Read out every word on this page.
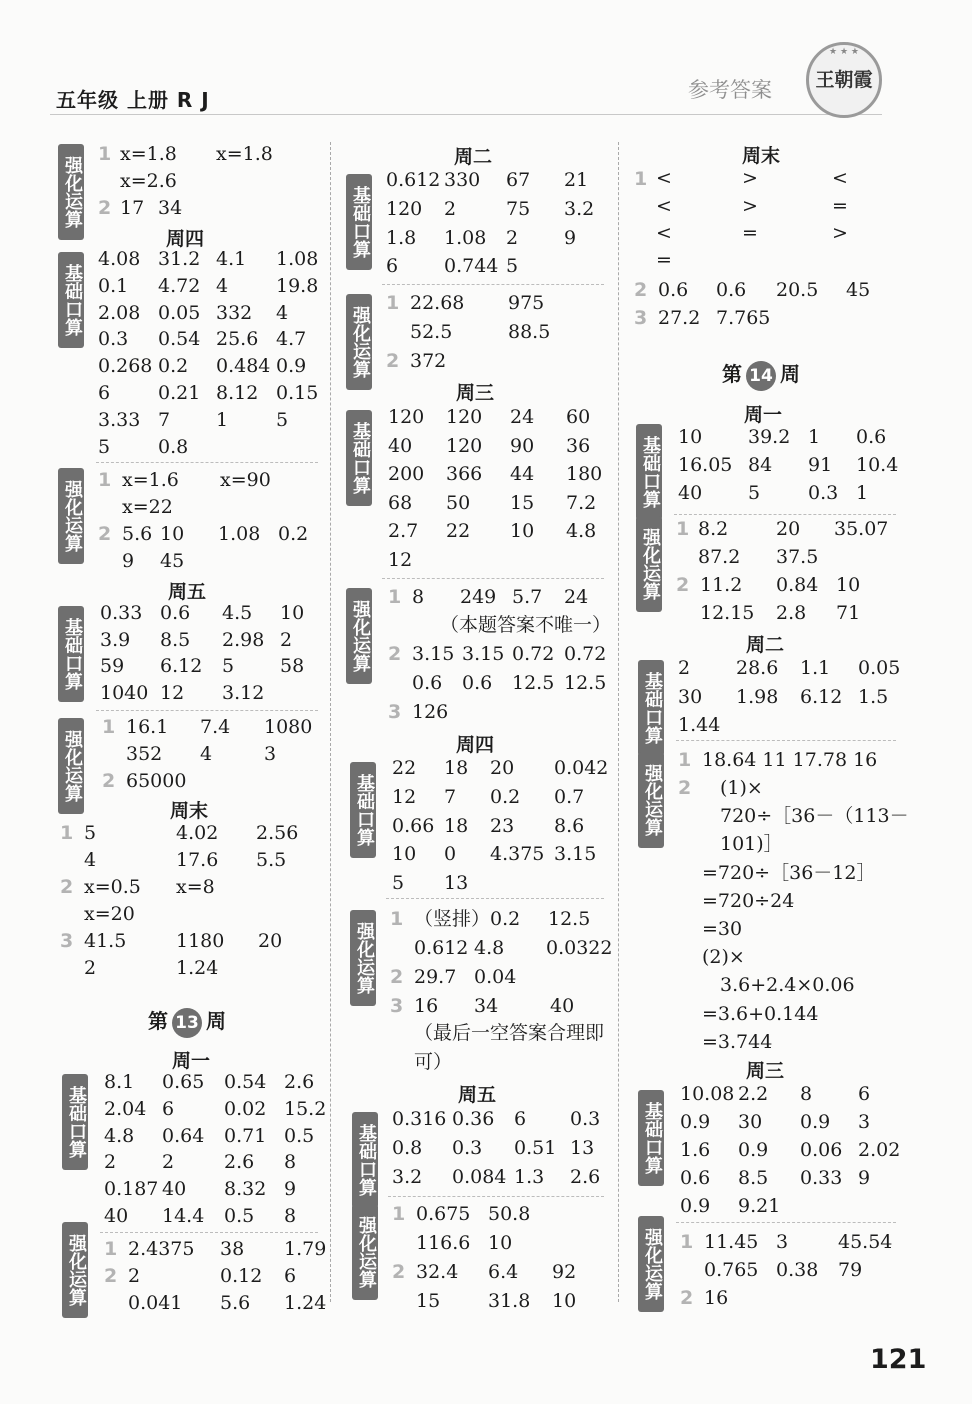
五年级 上册 R J	参考答案
★ ★ ★
王朝霞
强化运算
1 x=1.8 x=1.8
x=2.6
2 17 34
周四
基础口算
4.08 31.2 4.1 1.08
0.1 4.72 4	19.8
2.08 0.05 332 4
0.3 0.54 25.6 4.7
0.268 0.2 0.484 0.9
6	0.21 8.12 0.15
3.33 7 1	5
5	0.8
强化运算 1 x=1.6 x=90
x=22
2 5.6 10 1.08 0.2
9 45
周五
基础口算
0.33 0.6 4.5 10
3.9 8.5 2.98 2
59 6.12 5 58
1040 12 3.12
强化运算
1 16.1 7.4 1080
352 4	3
2 65000
周末
1 5	4.02 2.56
4	17.6 5.5
2 x=0.5 x=8
x=20
3 41.5	1180 20
2	1.24
第 13 周
周一
基础口算
8.1 0.65 0.54 2.6
2.04 6	0.02 15.2
4.8 0.64 0.71 0.5
2 2	2.6 8
0.187 40 8.32 9
40 14.4 0.5 8
强化运算 1 2.4375 38 1.79
2 2	0.12 6
0.041 5.6 1.24
周二
基础口算
0.612 330 67 21
120 2	75 3.2
1.8 1.08 2 9
6 0.744 5
强化运算
1 22.68 975
52.5	88.5
2 372
周三
基础口算
120 120 24 60
40 120 90 36
200 366 44 180
68 50 15 7.2
2.7 22 10 4.8
12
强化运算
1 8 249 5.7 24
（本题答案不唯一）
2 3.15 3.15 0.72 0.72
0.6 0.6 12.5 12.5
3 126
周四
基础口算
22 18 20 0.042
12 7 0.2 0.7
0.66 18 23 8.6
10 0 4.375 3.15
5 13
强化运算
1 （竖排）0.2 12.5
0.612 4.8 0.0322
2 29.7 0.04
3 16 34	40
（最后一空答案合理即
可）
周五
基础口算
0.316 0.36 6 0.3
0.8 0.3 0.51 13
3.2 0.084 1.3 2.6
强化运算
1 0.675 50.8
116.6 10
2 32.4 6.4 92
15	31.8 10
周末
1 <	>	<
<	>	=
<	=	>
=
2 0.6 0.6 20.5 45
3 27.2 7.765
第 14 周
周一
基础口算 10 39.2 1 0.6
16.05 84 91 10.4
40 5	0.3 1
强化运算 1 8.2	20 35.07
87.2 37.5
2 11.2 0.84 10
12.15 2.8 71
周二
基础口算
2 28.6 1.1 0.05
30 1.98 6.12 1.5
1.44
强化运算
1 18.64 11 17.78 16
2 (1)×
720÷［36－（113－
101)］
=720÷［36－12］
=720÷24
=30
(2)×
3.6+2.4×0.06
=3.6+0.144
=3.744
周三
基础口算
10.08 2.2 8 6
0.9 30 0.9 3
1.6 0.9 0.06 2.02
0.6 8.5 0.33 9
0.9 9.21
强化运算 1 11.45 3	45.54
0.765 0.38 79
2 16
121
